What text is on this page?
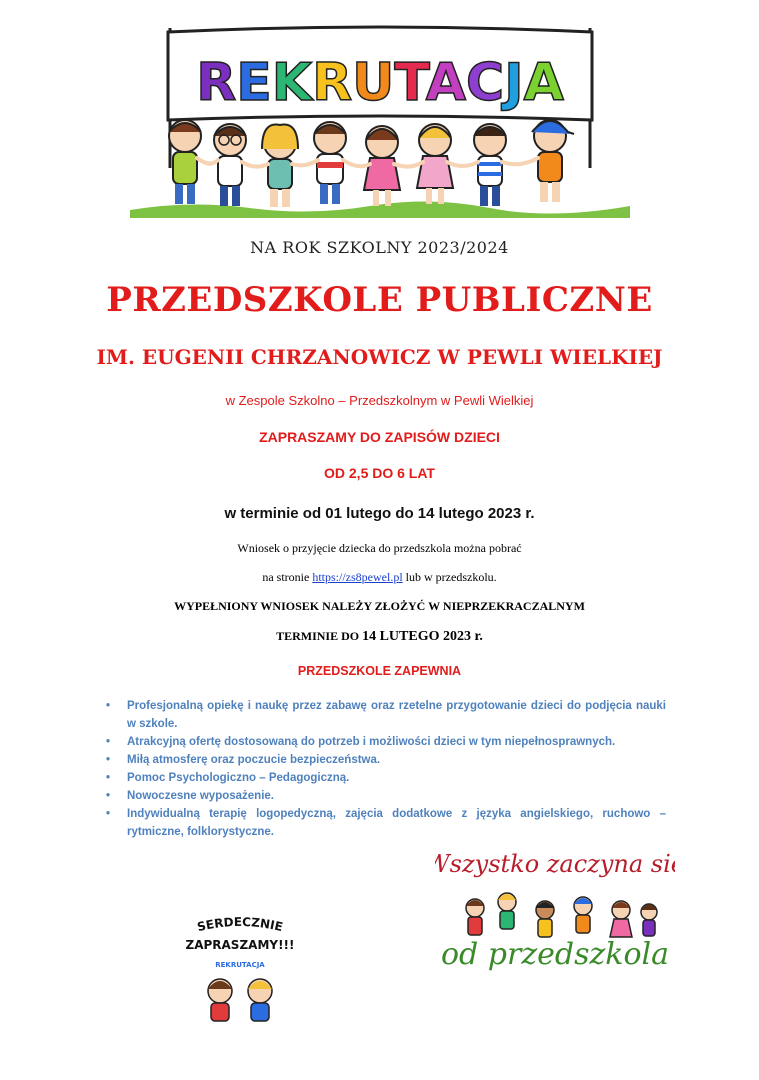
REKRUTACJA
NA ROK SZKOLNY 2023/2024
PRZEDSZKOLE PUBLICZNE
IM. EUGENII CHRZANOWICZ W PEWLI WIELKIEJ
w Zespole Szkolno – Przedszkolnym w Pewli Wielkiej
ZAPRASZAMY DO ZAPISÓW DZIECI
OD 2,5 DO 6 LAT
w terminie od 01 lutego do 14 lutego 2023 r.
Wniosek o przyjęcie dziecka do przedszkola można pobrać
na stronie https://zs8pewel.pl lub w przedszkolu.
WYPEŁNIONY WNIOSEK NALEŻY ZŁOŻYĆ W NIEPRZEKRACZALNYM
TERMINIE DO 14 LUTEGO 2023 r.
PRZEDSZKOLE ZAPEWNIA
• Profesjonalną opiekę i naukę przez zabawę oraz rzetelne przygotowanie dzieci do podjęcia nauki w szkole.
• Atrakcyjną ofertę dostosowaną do potrzeb i możliwości dzieci w tym niepełnosprawnych.
• Miłą atmosferę oraz poczucie bezpieczeństwa.
• Pomoc Psychologiczno – Pedagogiczną.
• Nowoczesne wyposażenie.
• Indywidualną terapię logopedyczną, zajęcia dodatkowe z języka angielskiego, ruchowo – rytmiczne, folklorystyczne.
Wszystko zaczyna się
od przedszkola
SERDECZNIE
ZAPRASZAMY!!!
REKRUTACJA
